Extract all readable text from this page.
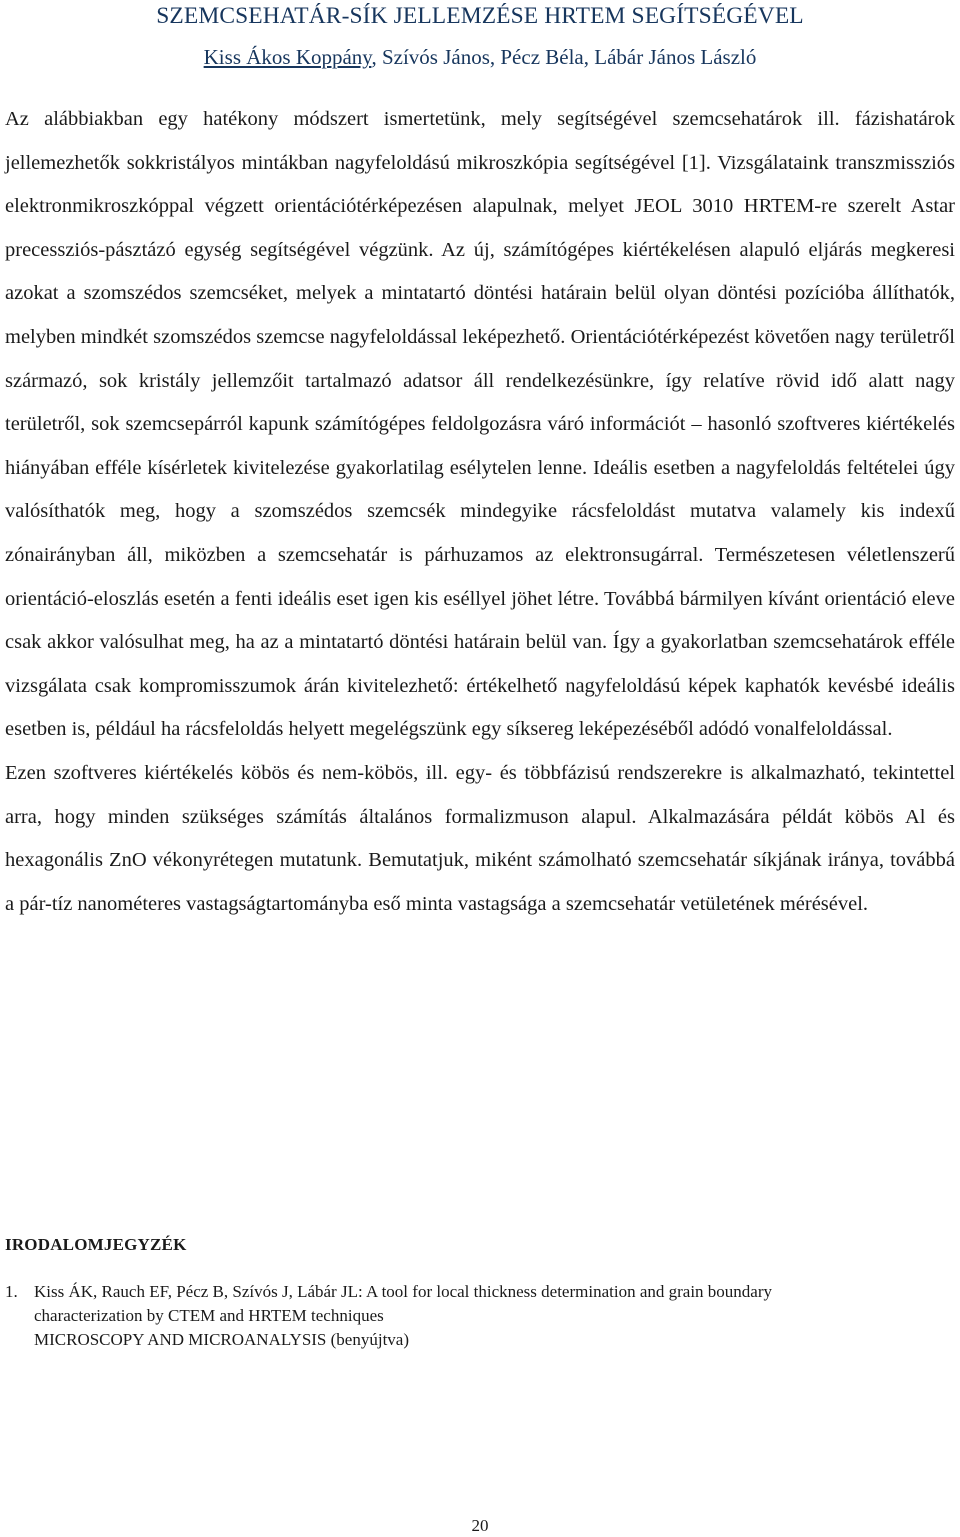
SZEMCSEHATÁR-SÍK JELLEMZÉSE HRTEM SEGÍTSÉGÉVEL
Kiss Ákos Koppány, Szívós János, Pécz Béla, Lábár János László

Az alábbiakban egy hatékony módszert ismertetünk, mely segítségével szemcsehatárok ill. fázishatárok jellemezhetők sokkristályos mintákban nagyfeloldású mikroszkópia segítségével [1]. Vizsgálataink transzmissziós elektronmikroszkóppal végzett orientációtérképezésen alapulnak, melyet JEOL 3010 HRTEM-re szerelt Astar precessziós-pásztázó egység segítségével végzünk. Az új, számítógépes kiértékelésen alapuló eljárás megkeresi azokat a szomszédos szemcséket, melyek a mintatartó döntési határain belül olyan döntési pozícióba állíthatók, melyben mindkét szomszédos szemcse nagyfeloldással leképezhető. Orientációtérképezést követően nagy területről származó, sok kristály jellemzőit tartalmazó adatsor áll rendelkezésünkre, így relatíve rövid idő alatt nagy területről, sok szemcsepárról kapunk számítógépes feldolgozásra váró információt – hasonló szoftveres kiértékelés hiányában efféle kísérletek kivitelezése gyakorlatilag esélytelen lenne. Ideális esetben a nagyfeloldás feltételei úgy valósíthatók meg, hogy a szomszédos szemcsék mindegyike rácsfeloldást mutatva valamely kis indexű zónairányban áll, miközben a szemcsehatár is párhuzamos az elektronsugárral. Természetesen véletlenszerű orientáció-eloszlás esetén a fenti ideális eset igen kis eséllyel jöhet létre. Továbbá bármilyen kívánt orientáció eleve csak akkor valósulhat meg, ha az a mintatartó döntési határain belül van. Így a gyakorlatban szemcsehatárok efféle vizsgálata csak kompromisszumok árán kivitelezhető: értékelhető nagyfeloldású képek kaphatók kevésbé ideális esetben is, például ha rácsfeloldás helyett megelégszünk egy síksereg leképezéséből adódó vonalfeloldással.

Ezen szoftveres kiértékelés köbös és nem-köbös, ill. egy- és többfázisú rendszerekre is alkalmazható, tekintettel arra, hogy minden szükséges számítás általános formalizmuson alapul. Alkalmazására példát köbös Al és hexagonális ZnO vékonyrétegen mutatunk. Bemutatjuk, miként számolható szemcsehatár síkjának iránya, továbbá a pár-tíz nanométeres vastagságtartományba eső minta vastagsága a szemcsehatár vetületének mérésével.

IRODALOMJEGYZÉK
1. Kiss ÁK, Rauch EF, Pécz B, Szívós J, Lábár JL: A tool for local thickness determination and grain boundary
characterization by CTEM and HRTEM techniques
MICROSCOPY AND MICROANALYSIS (benyújtva)
20
